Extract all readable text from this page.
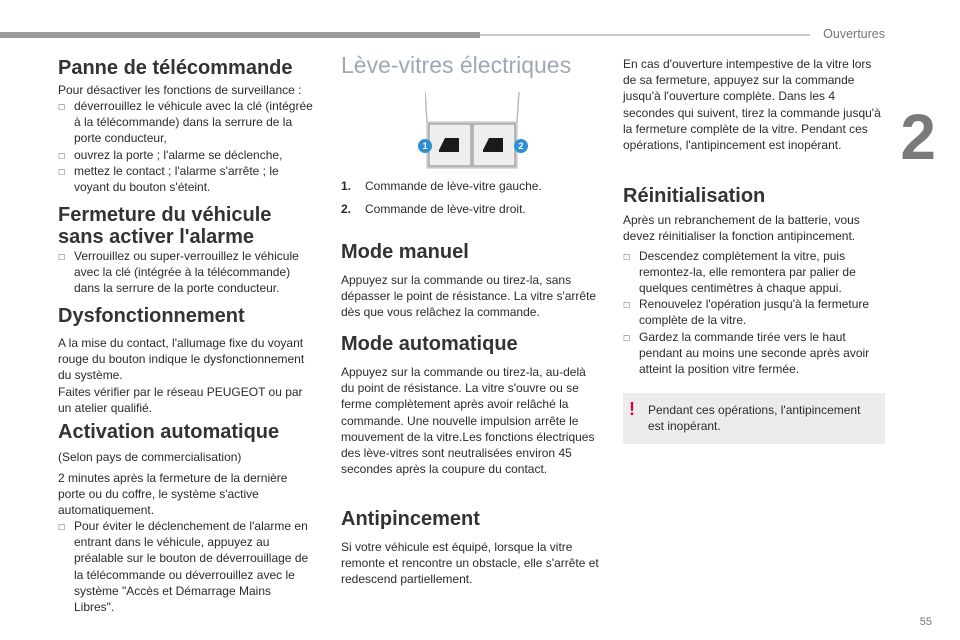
Ouvertures
2
55
Panne de télécommande

Pour désactiver les fonctions de surveillance :

☐ déverrouillez le véhicule avec la clé (intégrée à la télécommande) dans la serrure de la porte conducteur,
☐ ouvrez la porte ; l'alarme se déclenche,
☐ mettez le contact ; l'alarme s'arrête ; le voyant du bouton s'éteint.
Fermeture du véhicule sans activer l'alarme
☐ Verrouillez ou super-verrouillez le véhicule avec la clé (intégrée à la télécommande) dans la serrure de la porte conducteur.
Dysfonctionnement

A la mise du contact, l'allumage fixe du voyant rouge du bouton indique le dysfonctionnement du système.

Faites vérifier par le réseau PEUGEOT ou par un atelier qualifié.

Activation automatique

(Selon pays de commercialisation)

2 minutes après la fermeture de la dernière porte ou du coffre, le système s'active automatiquement.

☐ Pour éviter le déclenchement de l'alarme en entrant dans le véhicule, appuyez au préalable sur le bouton de déverrouillage de la télécommande ou déverrouillez avec le système "Accès et Démarrage Mains Libres".
Lève-vitres électriques
1	2
1. Commande de lève-vitre gauche.
2. Commande de lève-vitre droit.
Mode manuel

Appuyez sur la commande ou tirez-la, sans dépasser le point de résistance. La vitre s'arrête dès que vous relâchez la commande.

Mode automatique

Appuyez sur la commande ou tirez-la, au-delà du point de résistance. La vitre s'ouvre ou se ferme complètement après avoir relâché la commande. Une nouvelle impulsion arrête le mouvement de la vitre.Les fonctions électriques des lève-vitres sont neutralisées environ 45 secondes après la coupure du contact.

Antipincement

Si votre véhicule est équipé, lorsque la vitre remonte et rencontre un obstacle, elle s'arrête et redescend partiellement.

En cas d'ouverture intempestive de la vitre lors de sa fermeture, appuyez sur la commande jusqu'à l'ouverture complète. Dans les 4 secondes qui suivent, tirez la commande jusqu'à la fermeture complète de la vitre. Pendant ces opérations, l'antipincement est inopérant.

Réinitialisation

Après un rebranchement de la batterie, vous devez réinitialiser la fonction antipincement.

☐ Descendez complètement la vitre, puis remontez-la, elle remontera par palier de quelques centimètres à chaque appui.
☐ Renouvelez l'opération jusqu'à la fermeture complète de la vitre.
☐ Gardez la commande tirée vers le haut pendant au moins une seconde après avoir atteint la position vitre fermée.
! Pendant ces opérations, l'antipincement est inopérant.
